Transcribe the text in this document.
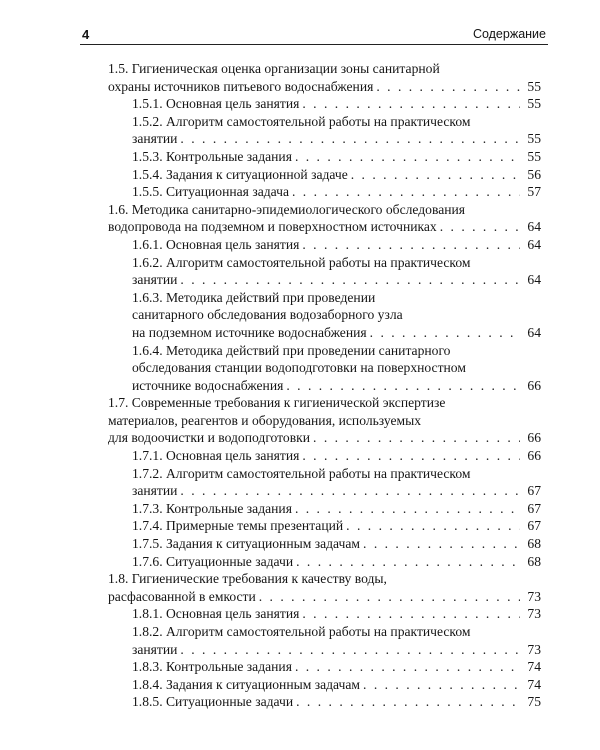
4	Содержание
1.5. Гигиеническая оценка организации зоны санитарной
охраны источников питьевого водоснабжения . . .	55
1.5.1. Основная цель занятия . . .	55
1.5.2. Алгоритм самостоятельной работы на практическом
занятии . . .	55
1.5.3. Контрольные задания . . .	55
1.5.4. Задания к ситуационной задаче . . .	56
1.5.5. Ситуационная задача . . .	57
1.6. Методика санитарно-эпидемиологического обследования
водопровода на подземном и поверхностном источниках . . .	64
1.6.1. Основная цель занятия . . .	64
1.6.2. Алгоритм самостоятельной работы на практическом
занятии . . .	64
1.6.3. Методика действий при проведении
санитарного обследования водозаборного узла
на подземном источнике водоснабжения . . .	64
1.6.4. Методика действий при проведении санитарного
обследования станции водоподготовки на поверхностном
источнике водоснабжения . . .	66
1.7. Современные требования к гигиенической экспертизе
материалов, реагентов и оборудования, используемых
для водоочистки и водоподготовки . . .	66
1.7.1. Основная цель занятия . . .	66
1.7.2. Алгоритм самостоятельной работы на практическом
занятии . . .	67
1.7.3. Контрольные задания . . .	67
1.7.4. Примерные темы презентаций . . .	67
1.7.5. Задания к ситуационным задачам . . .	68
1.7.6. Ситуационные задачи . . .	68
1.8. Гигиенические требования к качеству воды,
расфасованной в емкости . . .	73
1.8.1. Основная цель занятия . . .	73
1.8.2. Алгоритм самостоятельной работы на практическом
занятии . . .	73
1.8.3. Контрольные задания . . .	74
1.8.4. Задания к ситуационным задачам . . .	74
1.8.5. Ситуационные задачи . . .	75
